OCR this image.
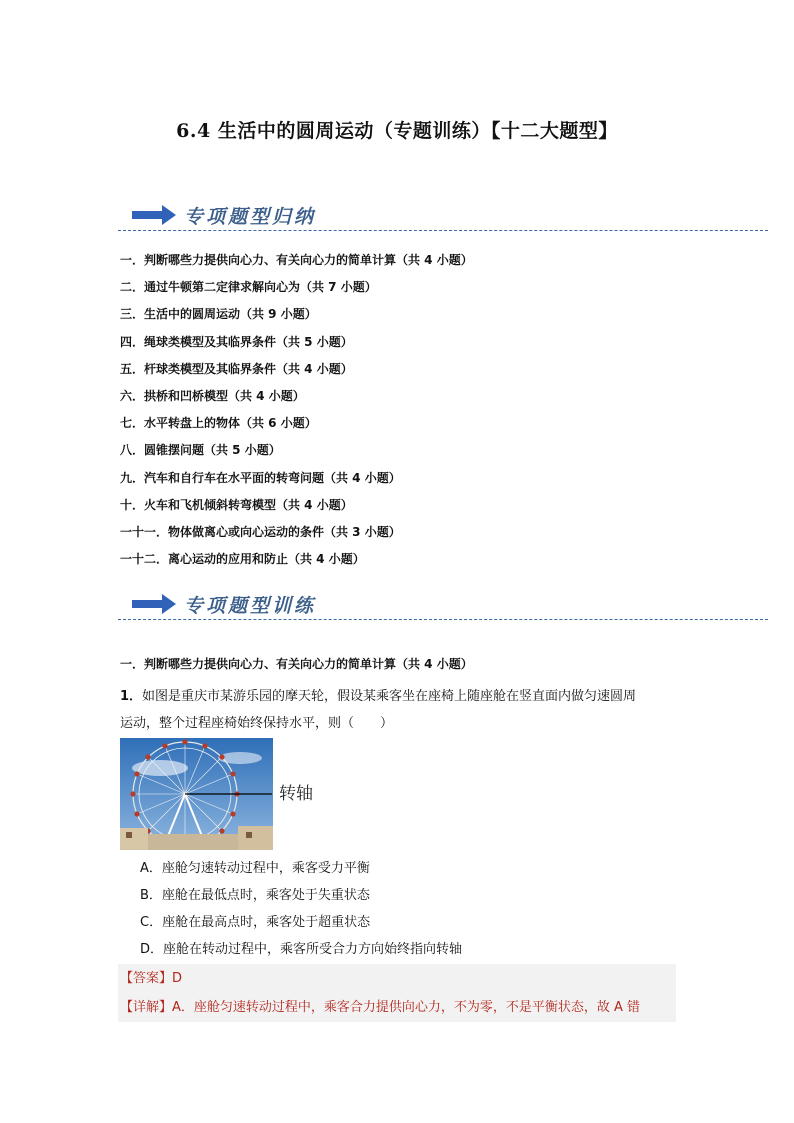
6.4 生活中的圆周运动（专题训练）【十二大题型】
专项题型归纳
一．判断哪些力提供向心力、有关向心力的简单计算（共 4 小题）
二．通过牛顿第二定律求解向心为（共 7 小题）
三．生活中的圆周运动（共 9 小题）
四．绳球类模型及其临界条件（共 5 小题）
五．杆球类模型及其临界条件（共 4 小题）
六．拱桥和凹桥模型（共 4 小题）
七．水平转盘上的物体（共 6 小题）
八．圆锥摆问题（共 5 小题）
九．汽车和自行车在水平面的转弯问题（共 4 小题）
十．火车和飞机倾斜转弯模型（共 4 小题）
一十一．物体做离心或向心运动的条件（共 3 小题）
一十二．离心运动的应用和防止（共 4 小题）
专项题型训练
一．判断哪些力提供向心力、有关向心力的简单计算（共 4 小题）
1．如图是重庆市某游乐园的摩天轮，假设某乘客坐在座椅上随座舱在竖直面内做匀速圆周
运动，整个过程座椅始终保持水平，则（　　）
转轴
A．座舱匀速转动过程中，乘客受力平衡
B．座舱在最低点时，乘客处于失重状态
C．座舱在最高点时，乘客处于超重状态
D．座舱在转动过程中，乘客所受合力方向始终指向转轴
【答案】D
【详解】A．座舱匀速转动过程中，乘客合力提供向心力，不为零，不是平衡状态，故 A 错
